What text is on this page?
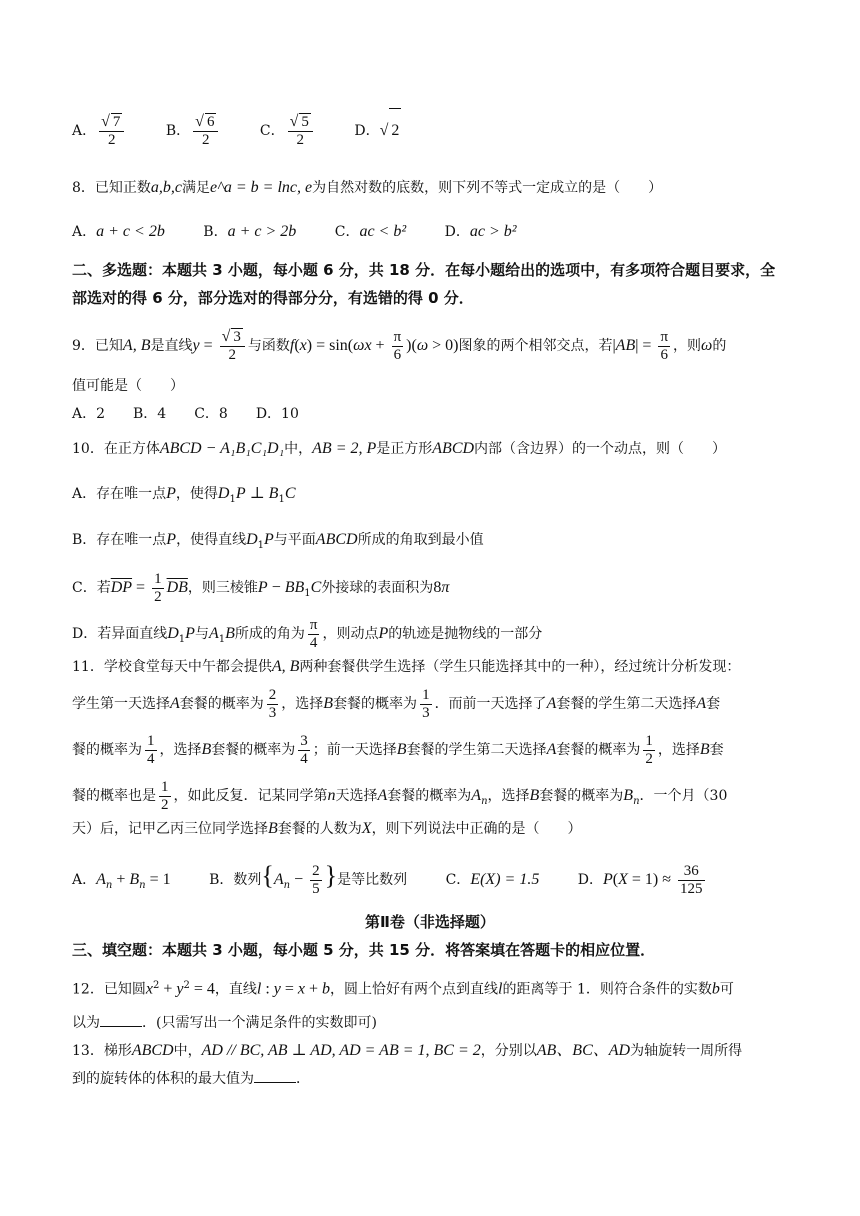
A． $\frac{√ 7}{2}$	B． $\frac{√ 6}{2}$	C． $\frac{√ 5}{2}$	D．√ 2
8．已知正数a,b,c满足e^a = b = lnc, e为自然对数的底数，则下列不等式一定成立的是（　　）
A．a + c < 2b	B．a + c > 2b	C．ac < b²	D．ac > b²
二、多选题：本题共 3 小题，每小题 6 分，共 18 分．在每小题给出的选项中，有多项符合题目要求，全部选对的得 6 分，部分选对的得部分分，有选错的得 0 分．
9．已知A, B是直线$y = \frac{√ 3}{2}$ 与函数$f(x) = \sin(\omega x + \frac{\pi}{6} )(\omega > 0)$图象的两个相邻交点，若$|AB| = \frac{\pi}{6}$ ，则ω的
值可能是（　　）
A．2　　B．4　　C．8　　D．10
10．在正方体ABCD − A₁B₁C₁D₁中，AB = 2, P是正方形ABCD内部（含边界）的一个动点，则（　　）
A．存在唯一点P，使得$D_1P$ ⊥ $B_1C$
B．存在唯一点P，使得直线$D_1P$与平面ABCD所成的角取到最小值
C．若$\overline{DP} = \frac{1}{2} \overline{DB}$，则三棱锥$P - BB_1C$外接球的表面积为8π
D．若异面直线$D_1P$与$A_1B$所成的角为 $\frac{\pi}{4}$ ，则动点P的轨迹是抛物线的一部分
11．学校食堂每天中午都会提供A, B两种套餐供学生选择（学生只能选择其中的一种），经过统计分析发现：
学生第一天选择A套餐的概率为 $\frac{2}{3}$ ，选择B套餐的概率为 $\frac{1}{3}$ ．而前一天选择了A套餐的学生第二天选择A套
餐的概率为 $\frac{1}{4}$ ，选择B套餐的概率为 $\frac{3}{4}$ ；前一天选择B套餐的学生第二天选择A套餐的概率为 $\frac{1}{2}$ ，选择B套
餐的概率也是 $\frac{1}{2}$ ，如此反复．记某同学第n天选择A套餐的概率为$A_n$，选择B套餐的概率为$B_n$．一个月（30
天）后，记甲乙丙三位同学选择B套餐的人数为X，则下列说法中正确的是（　　）
A．$A_n + B_n = 1$	B．数列{$A_n - \frac{2}{5}$ }是等比数列	C．E(X) = 1.5	D．$P(X = 1) \approx \frac{36}{125}$
第Ⅱ卷（非选择题）
三、填空题：本题共 3 小题，每小题 5 分，共 15 分．将答案填在答题卡的相应位置．
12．已知圆$x^2 + y^2 = 4$，直线l : y = x + b，圆上恰好有两个点到直线l的距离等于 1．则符合条件的实数b可
以为	．(只需写出一个满足条件的实数即可)
13．梯形ABCD中，AD // BC, AB ⊥ AD, AD = AB = 1, BC = 2，分别以AB、BC、AD为轴旋转一周所得
到的旋转体的体积的最大值为	．
